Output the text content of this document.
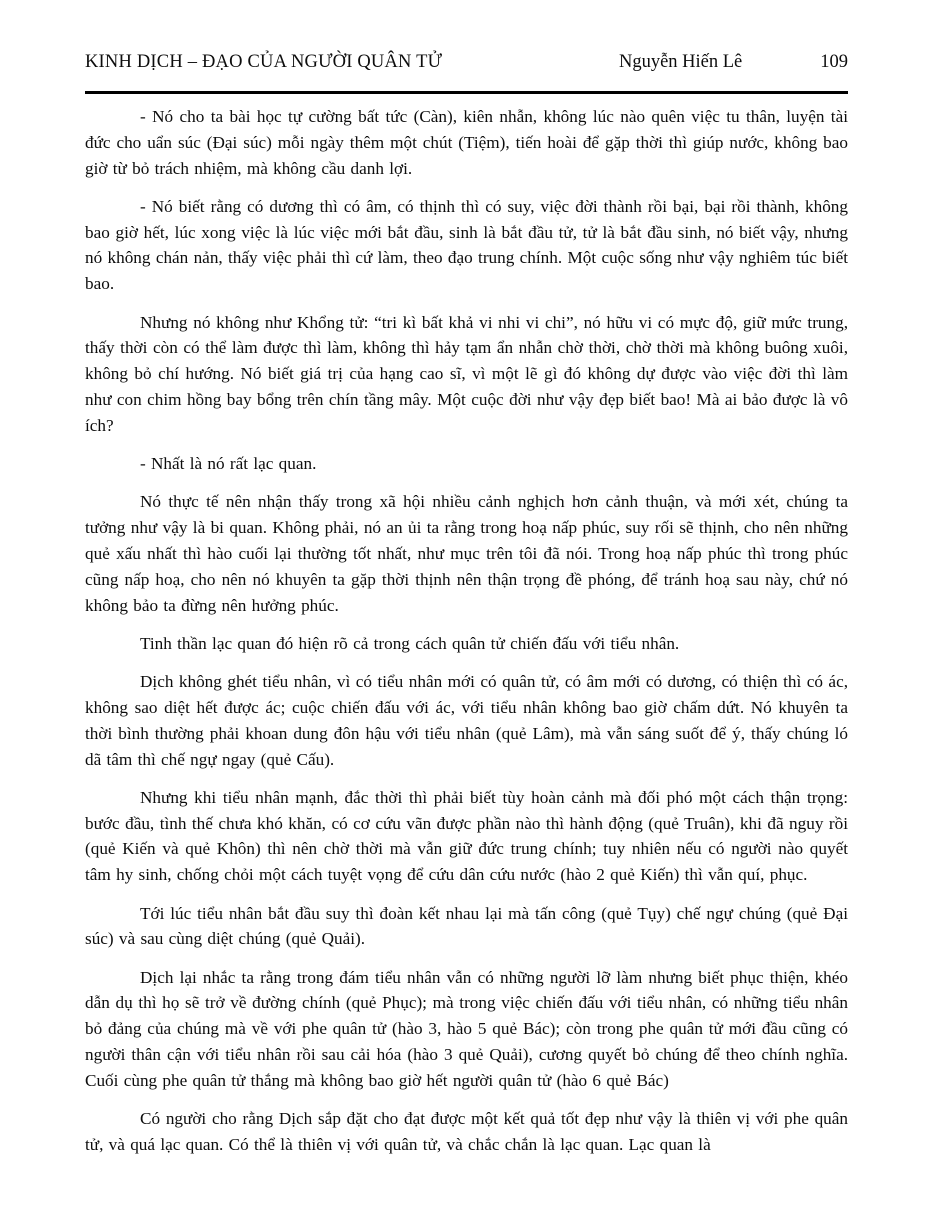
KINH DỊCH – ĐẠO CỦA NGƯỜI QUÂN TỬ	Nguyễn Hiến Lê	109

- Nó cho ta bài học tự cường bất tức (Càn), kiên nhẫn, không lúc nào quên việc tu thân, luyện tài đức cho uẩn súc (Đại súc) mỗi ngày thêm một chút (Tiệm), tiến hoài để gặp thời thì giúp nước, không bao giờ từ bỏ trách nhiệm, mà không cầu danh lợi.

- Nó biết rằng có dương thì có âm, có thịnh thì có suy, việc đời thành rồi bại, bại rồi thành, không bao giờ hết, lúc xong việc là lúc việc mới bắt đầu, sinh là bắt đầu tử, tử là bắt đầu sinh, nó biết vậy, nhưng nó không chán nản, thấy việc phải thì cứ làm, theo đạo trung chính. Một cuộc sống như vậy nghiêm túc biết bao.

Nhưng nó không như Khổng tử: “tri kì bất khả vi nhi vi chi”, nó hữu vi có mực độ, giữ mức trung, thấy thời còn có thể làm được thì làm, không thì hảy tạm ẩn nhẫn chờ thời, chờ thời mà không buông xuôi, không bỏ chí hướng. Nó biết giá trị của hạng cao sĩ, vì một lẽ gì đó không dự được vào việc đời thì làm như con chim hồng bay bổng trên chín tầng mây. Một cuộc đời như vậy đẹp biết bao! Mà ai bảo được là vô ích?

- Nhất là nó rất lạc quan.

Nó thực tế nên nhận thấy trong xã hội nhiều cảnh nghịch hơn cảnh thuận, và mới xét, chúng ta tưởng như vậy là bi quan. Không phải, nó an ủi ta rằng trong hoạ nấp phúc, suy rối sẽ thịnh, cho nên những quẻ xấu nhất thì hào cuối lại thường tốt nhất, như mục trên tôi đã nói. Trong hoạ nấp phúc thì trong phúc cũng nấp hoạ, cho nên nó khuyên ta gặp thời thịnh nên thận trọng đề phóng, để tránh hoạ sau này, chứ nó không bảo ta đừng nên hưởng phúc.

Tinh thần lạc quan đó hiện rõ cả trong cách quân tử chiến đấu với tiểu nhân.

Dịch không ghét tiểu nhân, vì có tiểu nhân mới có quân tử, có âm mới có dương, có thiện thì có ác, không sao diệt hết được ác; cuộc chiến đấu với ác, với tiểu nhân không bao giờ chấm dứt. Nó khuyên ta thời bình thường phải khoan dung đôn hậu với tiểu nhân (quẻ Lâm), mà vẫn sáng suốt để ý, thấy chúng ló dã tâm thì chế ngự ngay (quẻ Cấu).

Nhưng khi tiểu nhân mạnh, đắc thời thì phải biết tùy hoàn cảnh mà đối phó một cách thận trọng: bước đầu, tình thế chưa khó khăn, có cơ cứu vãn được phần nào thì hành động (quẻ Truân), khi đã nguy rồi (quẻ Kiến và quẻ Khôn) thì nên chờ thời mà vẫn giữ đức trung chính; tuy nhiên nếu có người nào quyết tâm hy sinh, chống chỏi một cách tuyệt vọng để cứu dân cứu nước (hào 2 quẻ Kiến) thì vẫn quí, phục.

Tới lúc tiểu nhân bắt đầu suy thì đoàn kết nhau lại mà tấn công (quẻ Tụy) chế ngự chúng (quẻ Đại súc) và sau cùng diệt chúng (quẻ Quải).

Dịch lại nhắc ta rằng trong đám tiểu nhân vẫn có những người lỡ làm nhưng biết phục thiện, khéo dẫn dụ thì họ sẽ trở về đường chính (quẻ Phục); mà trong việc chiến đấu với tiểu nhân, có những tiểu nhân bỏ đảng của chúng mà về với phe quân tử (hào 3, hào 5 quẻ Bác); còn trong phe quân tử mới đầu cũng có người thân cận với tiểu nhân rồi sau cải hóa (hào 3 quẻ Quải), cương quyết bỏ chúng để theo chính nghĩa. Cuối cùng phe quân tử thắng mà không bao giờ hết người quân tử (hào 6 quẻ Bác)

Có người cho rằng Dịch sắp đặt cho đạt được một kết quả tốt đẹp như vậy là thiên vị với phe quân tử, và quá lạc quan. Có thể là thiên vị với quân tử, và chắc chắn là lạc quan. Lạc quan là
